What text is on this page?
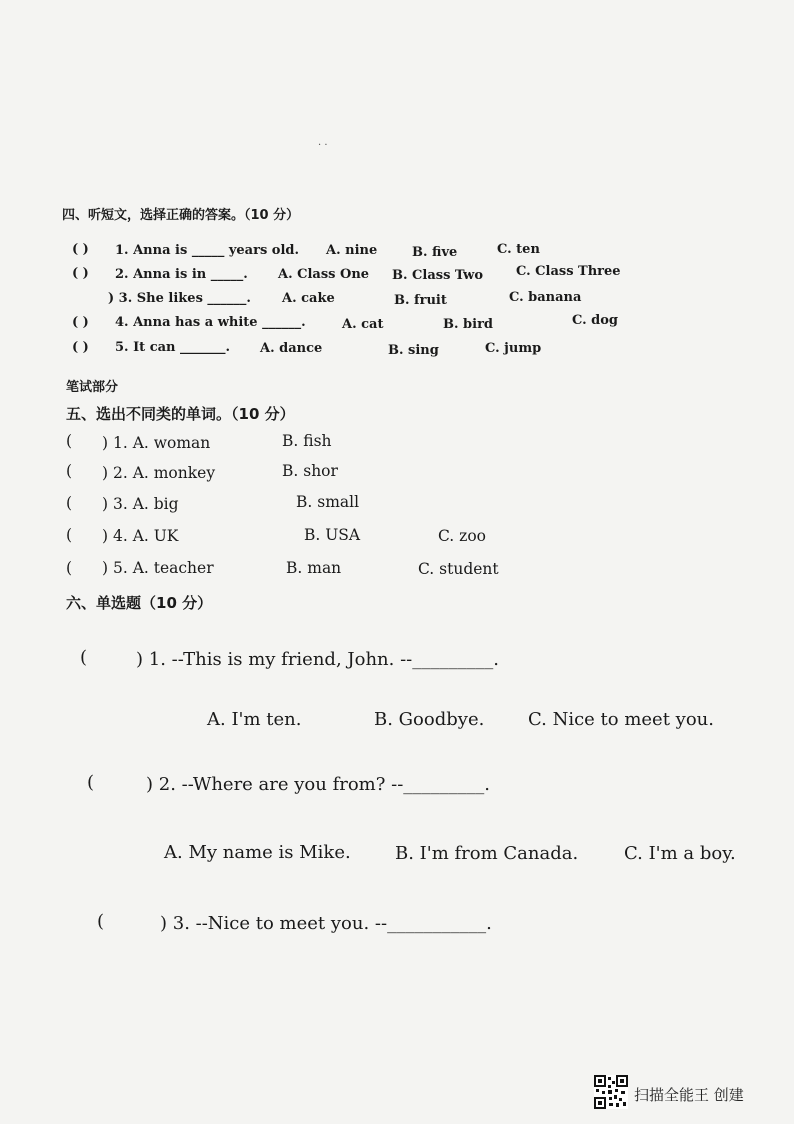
· ·
四、听短文，选择正确的答案。（10 分）
( ) 1. Anna is _____ years old. A. nine	B. five	C. ten
( ) 2. Anna is in _____. A. Class One B. Class Two	C. Class Three
) 3. She likes ______. A. cake	B. fruit	C. banana
( ) 4. Anna has a white ______.	A. cat	B. bird	C. dog
( ) 5. It can _______. A. dance	B. sing	C. jump
笔试部分
五、选出不同类的单词。（10 分）
( ) 1. A. woman	B. fish
( ) 2. A. monkey	B. shor
( ) 3. A. big	B. small
( ) 4. A. UK	B. USA	C. zoo
( ) 5. A. teacher	B. man	C. student
六、单选题（10 分）
(	) 1. --This is my friend, John. --_________.
A. I'm ten.	B. Goodbye. C. Nice to meet you.
(	) 2. --Where are you from? --_________.
A. My name is Mike. B. I'm from Canada.	C. I'm a boy.
(	) 3. --Nice to meet you. --___________.
扫描全能王 创建
